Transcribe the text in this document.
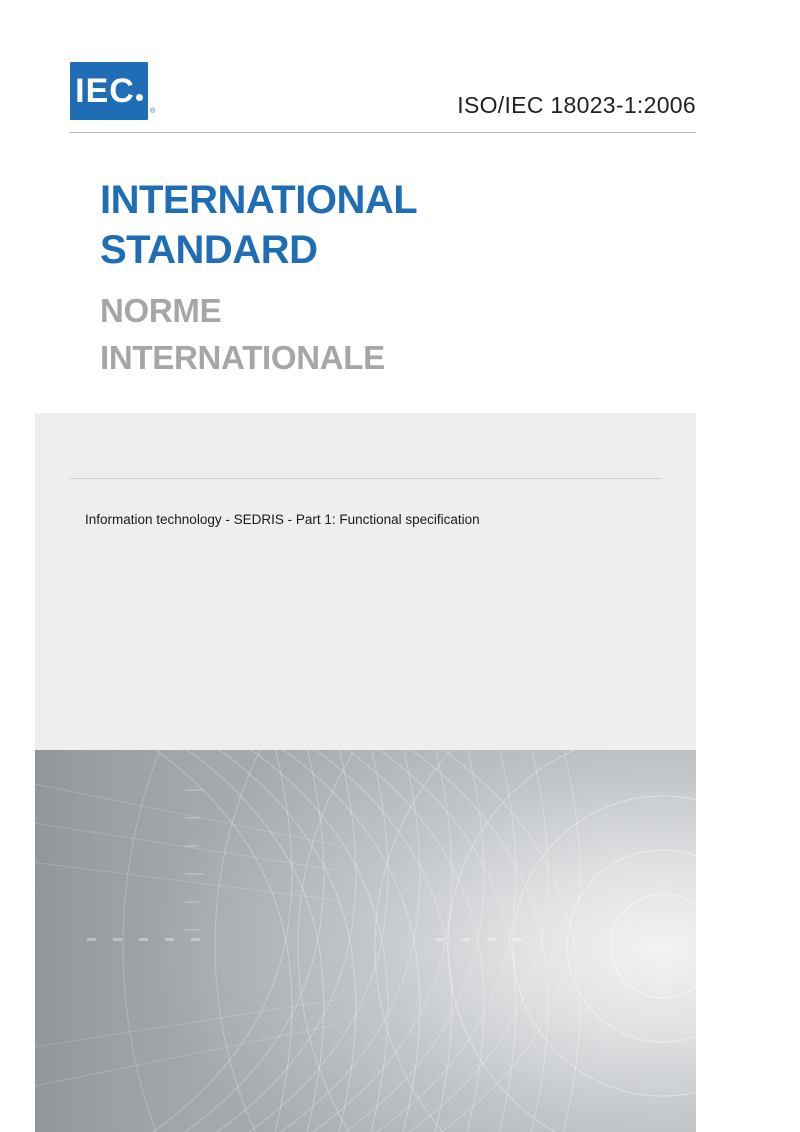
IEC
®	ISO/IEC 18023-1:2006
INTERNATIONAL
STANDARD
NORME
INTERNATIONALE
Information technology - SEDRIS - Part 1: Functional specification
